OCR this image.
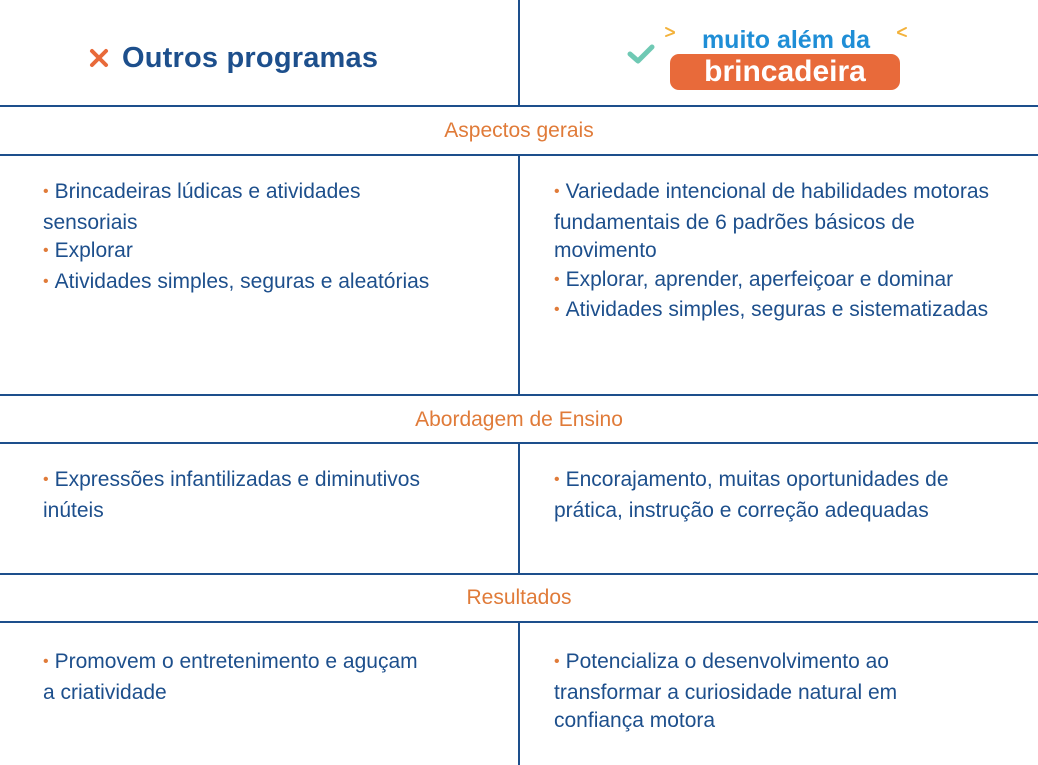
Outros programas
muito além da
brincadeira
Aspectos gerais

• Brincadeiras lúdicas e atividades sensoriais

• Explorar

• Atividades simples, seguras e aleatórias

• Variedade intencional de habilidades motoras fundamentais de 6 padrões básicos de movimento

• Explorar, aprender, aperfeiçoar e dominar

• Atividades simples, seguras e sistematizadas

Abordagem de Ensino

• Expressões infantilizadas e diminutivos inúteis

• Encorajamento, muitas oportunidades de prática, instrução e correção adequadas

Resultados

• Promovem o entretenimento e aguçam a criatividade

• Potencializa o desenvolvimento ao transformar a curiosidade natural em confiança motora
